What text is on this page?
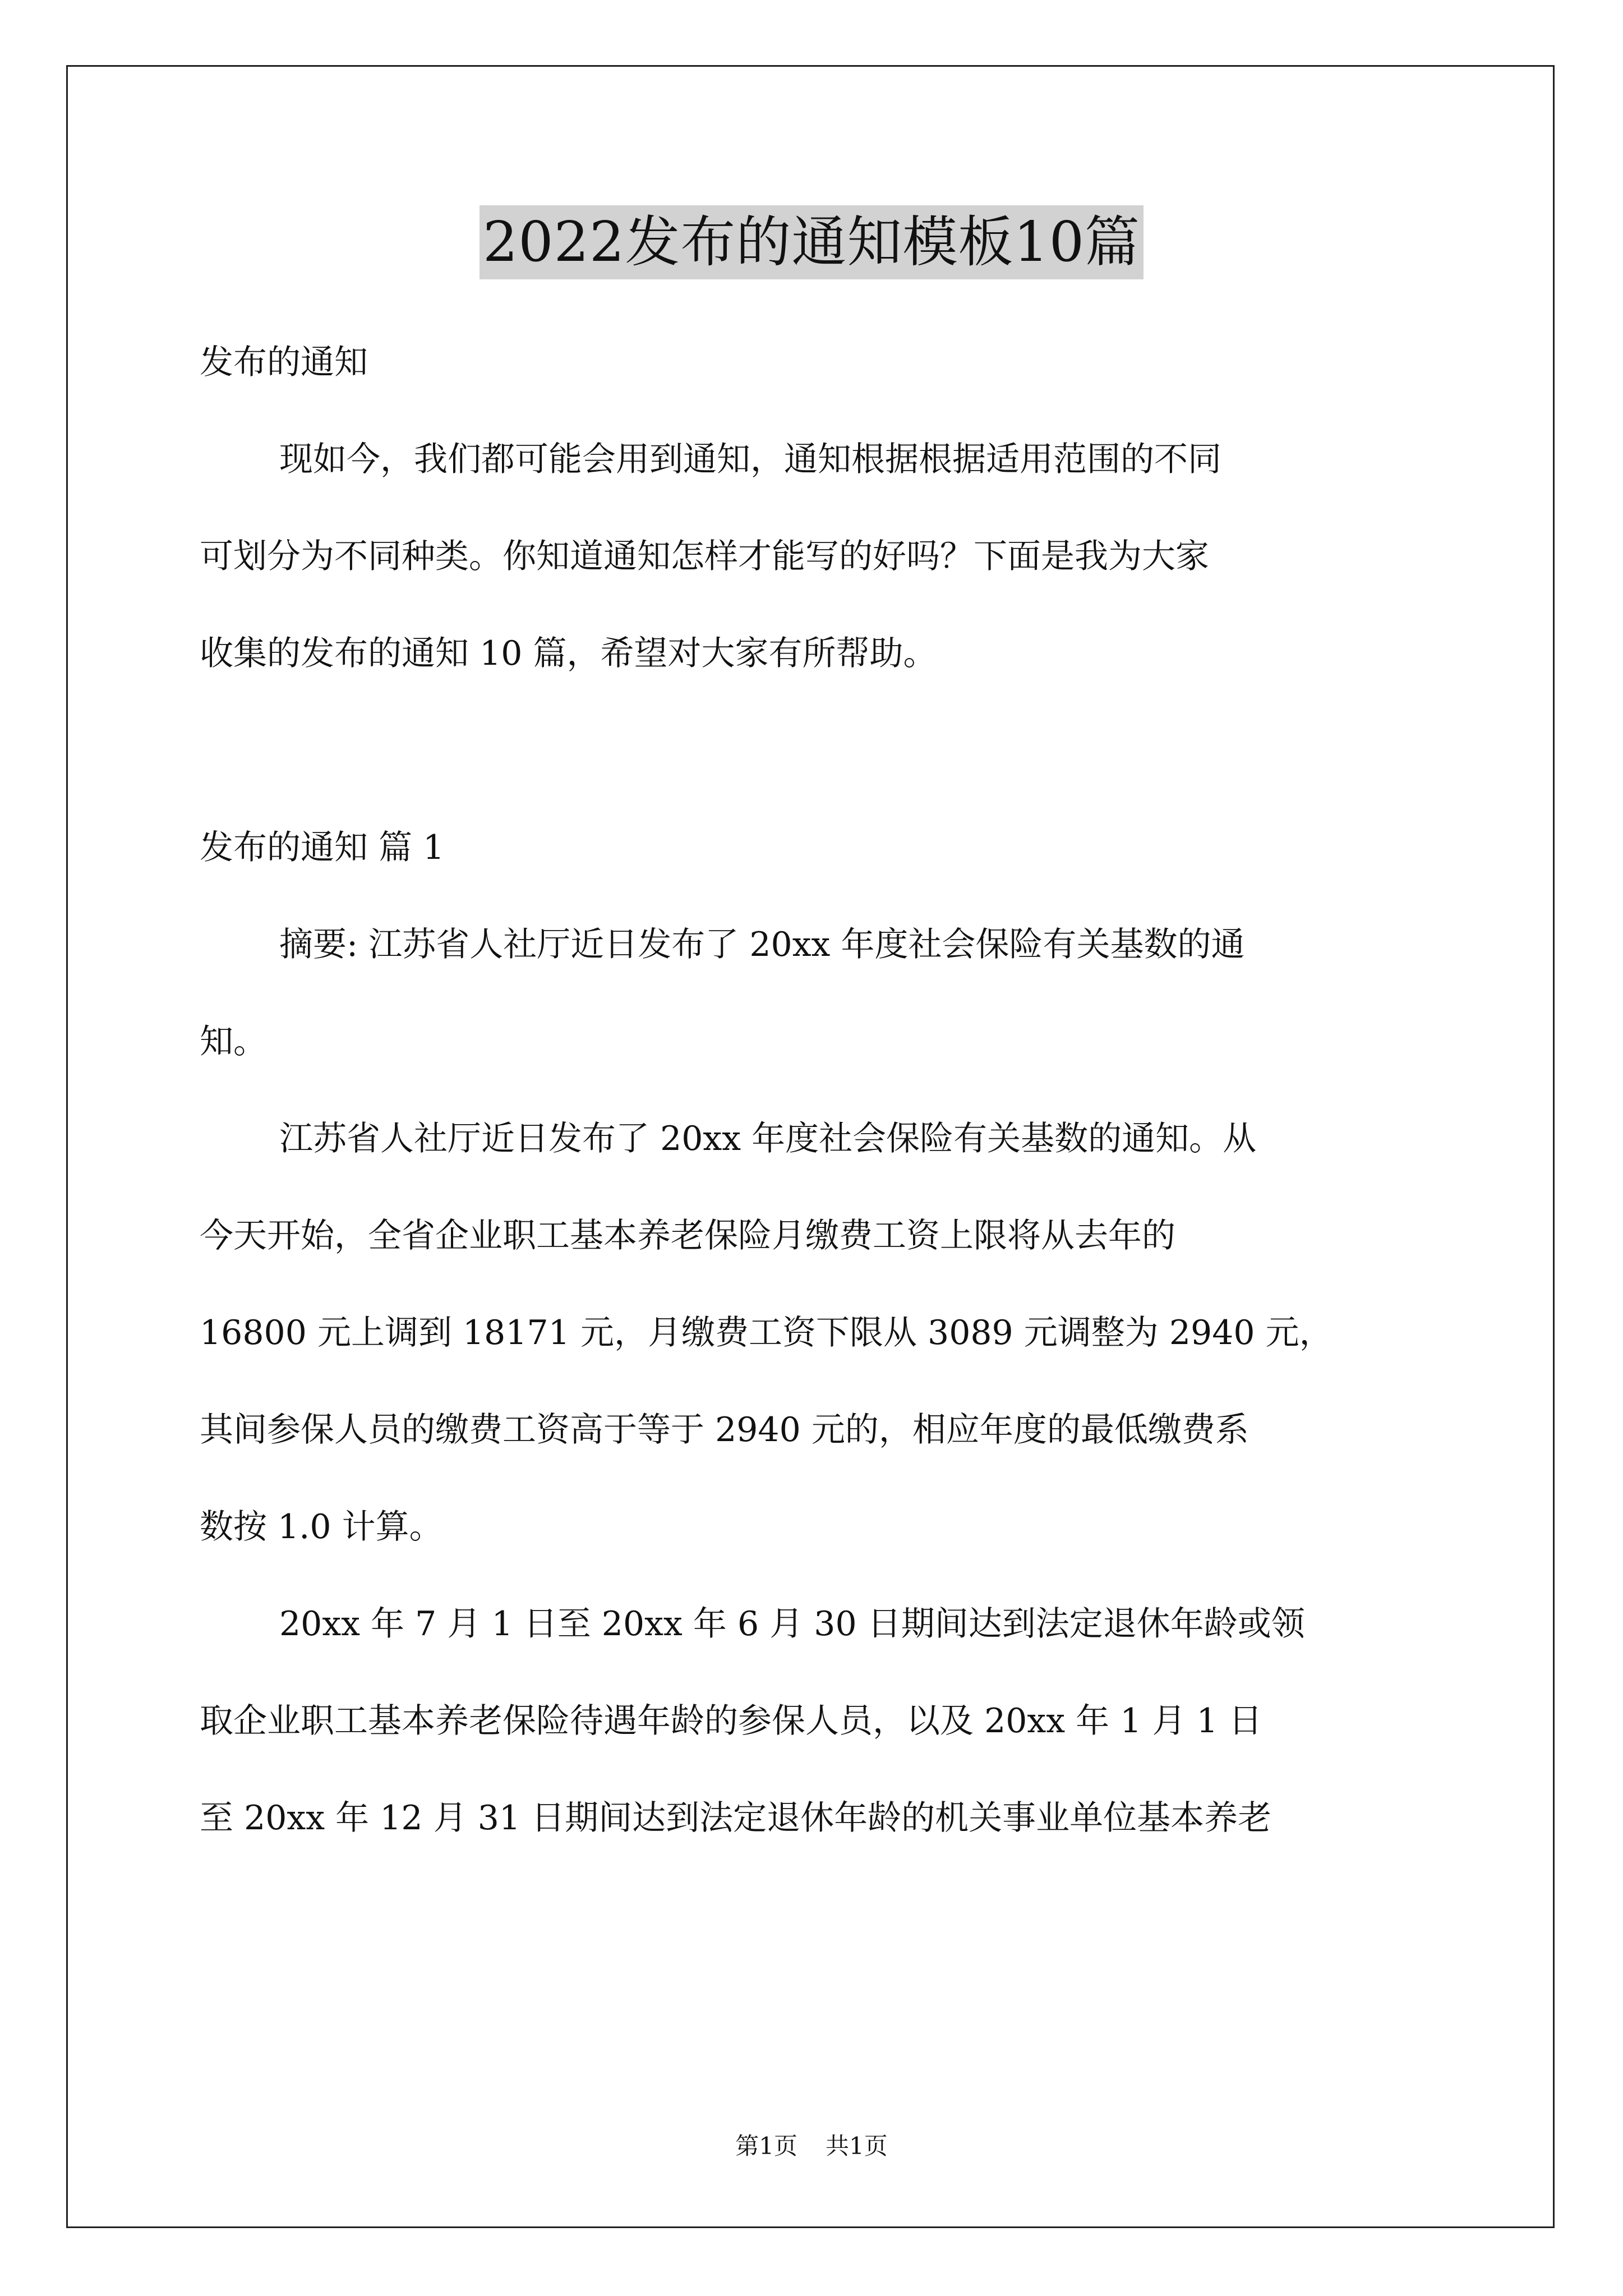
2022发布的通知模板10篇
发布的通知
现如今，我们都可能会用到通知，通知根据根据适用范围的不同
可划分为不同种类。你知道通知怎样才能写的好吗？下面是我为大家
收集的发布的通知 10 篇，希望对大家有所帮助。
发布的通知 篇 1
摘要: 江苏省人社厅近日发布了 20xx 年度社会保险有关基数的通
知。
江苏省人社厅近日发布了 20xx 年度社会保险有关基数的通知。从
今天开始，全省企业职工基本养老保险月缴费工资上限将从去年的
16800 元上调到 18171 元，月缴费工资下限从 3089 元调整为 2940 元，
其间参保人员的缴费工资高于等于 2940 元的，相应年度的最低缴费系
数按 1.0 计算。
20xx 年 7 月 1 日至 20xx 年 6 月 30 日期间达到法定退休年龄或领
取企业职工基本养老保险待遇年龄的参保人员，以及 20xx 年 1 月 1 日
至 20xx 年 12 月 31 日期间达到法定退休年龄的机关事业单位基本养老
第1页 共1页
